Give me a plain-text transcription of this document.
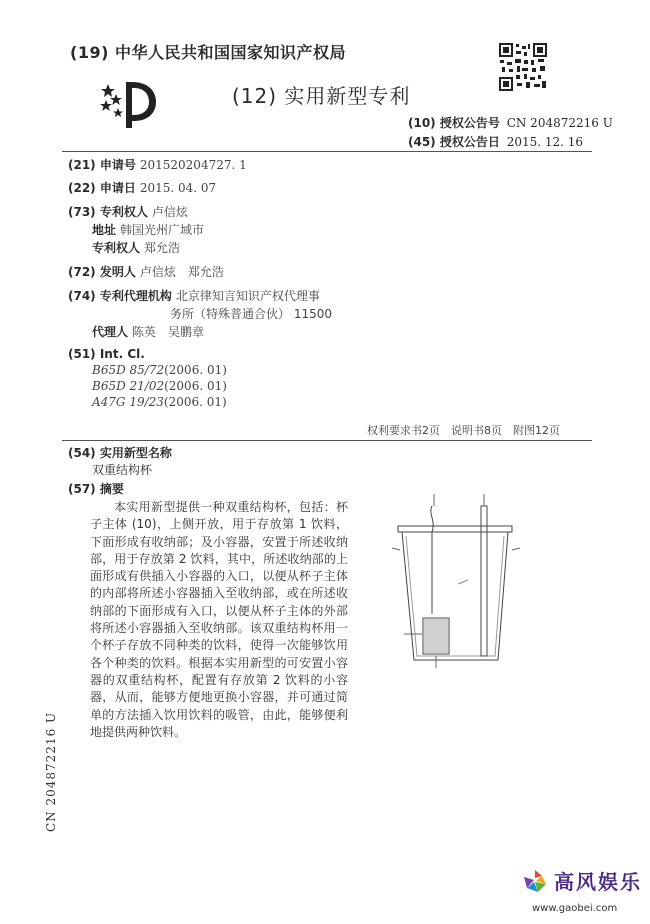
(19) 中华人民共和国国家知识产权局
(12) 实用新型专利
(10) 授权公告号 CN 204872216 U
(45) 授权公告日 2015. 12. 16
(21) 申请号 201520204727. 1
(22) 申请日 2015. 04. 07
(73) 专利权人 卢信炫
地址 韩国光州广域市
专利权人 郑允浩
(72) 发明人 卢信炫　郑允浩
(74) 专利代理机构 北京律知言知识产权代理事
务所（特殊普通合伙） 11500
代理人 陈英　吴鹏章
(51) Int. Cl.
B65D 85/72(2006. 01)
B65D 21/02(2006. 01)
A47G 19/23(2006. 01)
权利要求书2页　说明书8页　附图12页
(54) 实用新型名称
双重结构杯
(57) 摘要
本实用新型提供一种双重结构杯，包括：杯子主体 (10)，上侧开放，用于存放第 1 饮料，下面形成有收纳部；及小容器，安置于所述收纳部，用于存放第 2 饮料，其中，所述收纳部的上面形成有供插入小容器的入口，以便从杯子主体的内部将所述小容器插入至收纳部，或在所述收纳部的下面形成有入口，以便从杯子主体的外部将所述小容器插入至收纳部。该双重结构杯用一个杯子存放不同种类的饮料，使得一次能够饮用各个种类的饮料。根据本实用新型的可安置小容器的双重结构杯，配置有存放第 2 饮料的小容器，从而，能够方便地更换小容器，并可通过简单的方法插入饮用饮料的吸管，由此，能够便利地提供两种饮料。
CN 204872216 U
高风娱乐
www.gaobei.com
